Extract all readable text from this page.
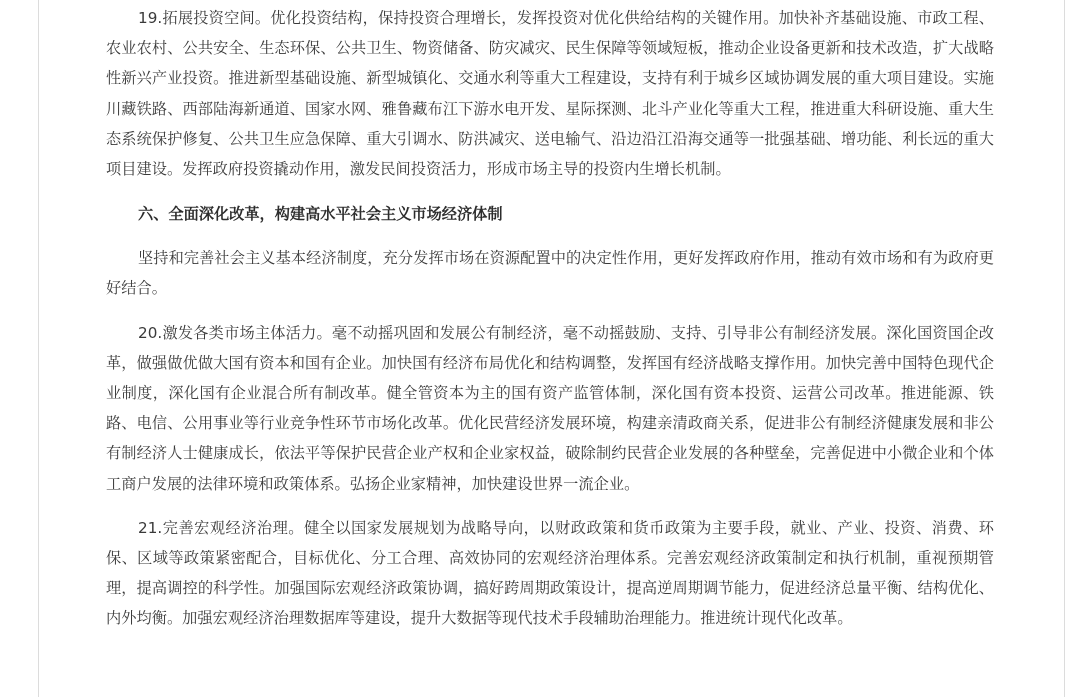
19.拓展投资空间。优化投资结构，保持投资合理增长，发挥投资对优化供给结构的关键作用。加快补齐基础设施、市政工程、农业农村、公共安全、生态环保、公共卫生、物资储备、防灾减灾、民生保障等领域短板，推动企业设备更新和技术改造，扩大战略性新兴产业投资。推进新型基础设施、新型城镇化、交通水利等重大工程建设，支持有利于城乡区域协调发展的重大项目建设。实施川藏铁路、西部陆海新通道、国家水网、雅鲁藏布江下游水电开发、星际探测、北斗产业化等重大工程，推进重大科研设施、重大生态系统保护修复、公共卫生应急保障、重大引调水、防洪减灾、送电输气、沿边沿江沿海交通等一批强基础、增功能、利长远的重大项目建设。发挥政府投资撬动作用，激发民间投资活力，形成市场主导的投资内生增长机制。

六、全面深化改革，构建高水平社会主义市场经济体制

坚持和完善社会主义基本经济制度，充分发挥市场在资源配置中的决定性作用，更好发挥政府作用，推动有效市场和有为政府更好结合。

20.激发各类市场主体活力。毫不动摇巩固和发展公有制经济，毫不动摇鼓励、支持、引导非公有制经济发展。深化国资国企改革，做强做优做大国有资本和国有企业。加快国有经济布局优化和结构调整，发挥国有经济战略支撑作用。加快完善中国特色现代企业制度，深化国有企业混合所有制改革。健全管资本为主的国有资产监管体制，深化国有资本投资、运营公司改革。推进能源、铁路、电信、公用事业等行业竞争性环节市场化改革。优化民营经济发展环境，构建亲清政商关系，促进非公有制经济健康发展和非公有制经济人士健康成长，依法平等保护民营企业产权和企业家权益，破除制约民营企业发展的各种壁垒，完善促进中小微企业和个体工商户发展的法律环境和政策体系。弘扬企业家精神，加快建设世界一流企业。

21.完善宏观经济治理。健全以国家发展规划为战略导向，以财政政策和货币政策为主要手段，就业、产业、投资、消费、环保、区域等政策紧密配合，目标优化、分工合理、高效协同的宏观经济治理体系。完善宏观经济政策制定和执行机制，重视预期管理，提高调控的科学性。加强国际宏观经济政策协调，搞好跨周期政策设计，提高逆周期调节能力，促进经济总量平衡、结构优化、内外均衡。加强宏观经济治理数据库等建设，提升大数据等现代技术手段辅助治理能力。推进统计现代化改革。
